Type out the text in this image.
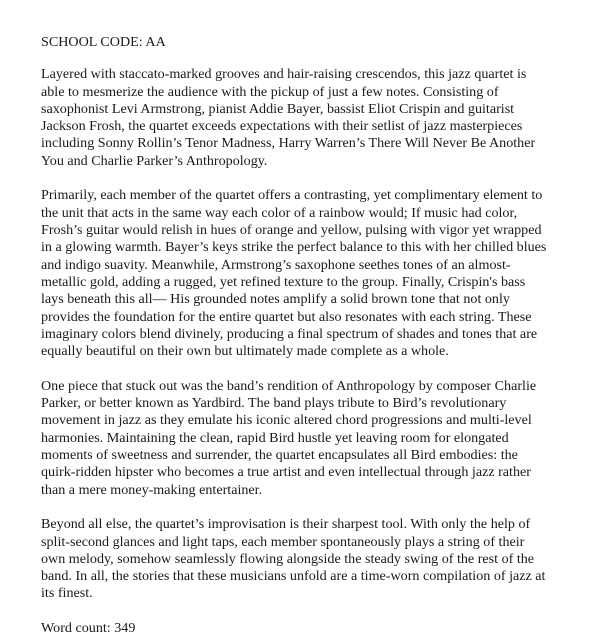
SCHOOL CODE: AA

Layered with staccato-marked grooves and hair-raising crescendos, this jazz quartet is
able to mesmerize the audience with the pickup of just a few notes. Consisting of
saxophonist Levi Armstrong, pianist Addie Bayer, bassist Eliot Crispin and guitarist
Jackson Frosh, the quartet exceeds expectations with their setlist of jazz masterpieces
including Sonny Rollin’s Tenor Madness, Harry Warren’s There Will Never Be Another
You and Charlie Parker’s Anthropology.

Primarily, each member of the quartet offers a contrasting, yet complimentary element to
the unit that acts in the same way each color of a rainbow would; If music had color,
Frosh’s guitar would relish in hues of orange and yellow, pulsing with vigor yet wrapped
in a glowing warmth. Bayer’s keys strike the perfect balance to this with her chilled blues
and indigo suavity. Meanwhile, Armstrong’s saxophone seethes tones of an almost-
metallic gold, adding a rugged, yet refined texture to the group. Finally, Crispin's bass
lays beneath this all— His grounded notes amplify a solid brown tone that not only
provides the foundation for the entire quartet but also resonates with each string. These
imaginary colors blend divinely, producing a final spectrum of shades and tones that are
equally beautiful on their own but ultimately made complete as a whole.

One piece that stuck out was the band’s rendition of Anthropology by composer Charlie
Parker, or better known as Yardbird. The band plays tribute to Bird’s revolutionary
movement in jazz as they emulate his iconic altered chord progressions and multi-level
harmonies. Maintaining the clean, rapid Bird hustle yet leaving room for elongated
moments of sweetness and surrender, the quartet encapsulates all Bird embodies: the
quirk-ridden hipster who becomes a true artist and even intellectual through jazz rather
than a mere money-making entertainer.

Beyond all else, the quartet’s improvisation is their sharpest tool. With only the help of
split-second glances and light taps, each member spontaneously plays a string of their
own melody, somehow seamlessly flowing alongside the steady swing of the rest of the
band. In all, the stories that these musicians unfold are a time-worn compilation of jazz at
its finest.

Word count: 349
